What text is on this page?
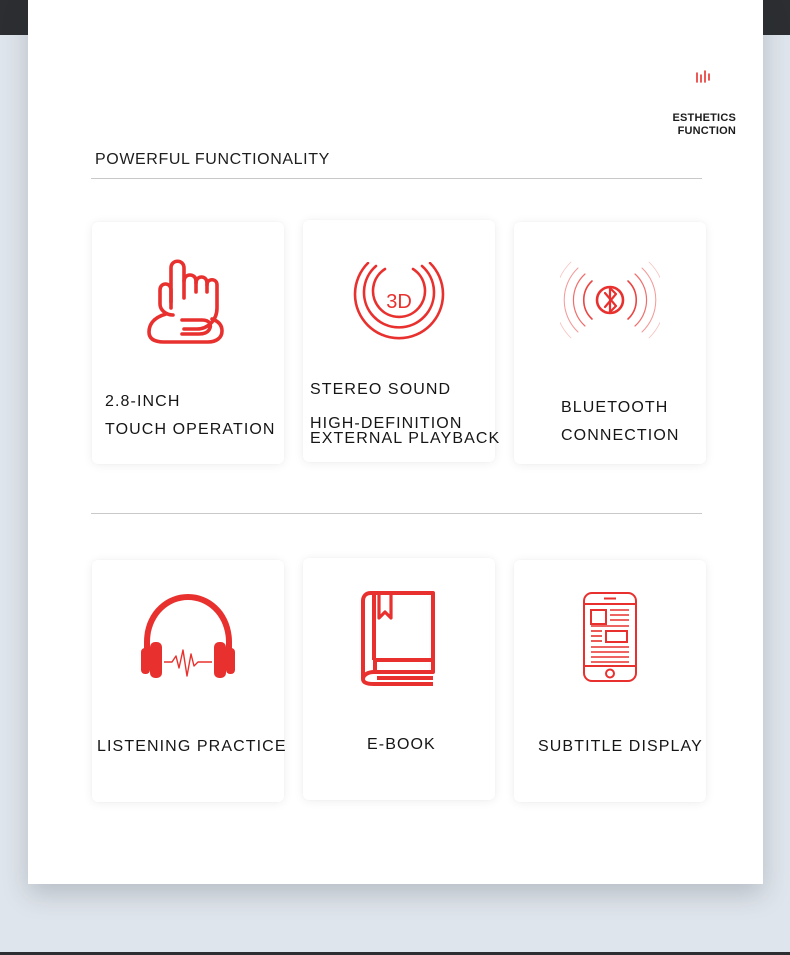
ESTHETICS
FUNCTION
POWERFUL FUNCTIONALITY
2.8-INCH
TOUCH OPERATION
3D
STEREO SOUND
HIGH-DEFINITION
EXTERNAL PLAYBACK
BLUETOOTH
CONNECTION
LISTENING PRACTICE	E-BOOK	SUBTITLE DISPLAY
